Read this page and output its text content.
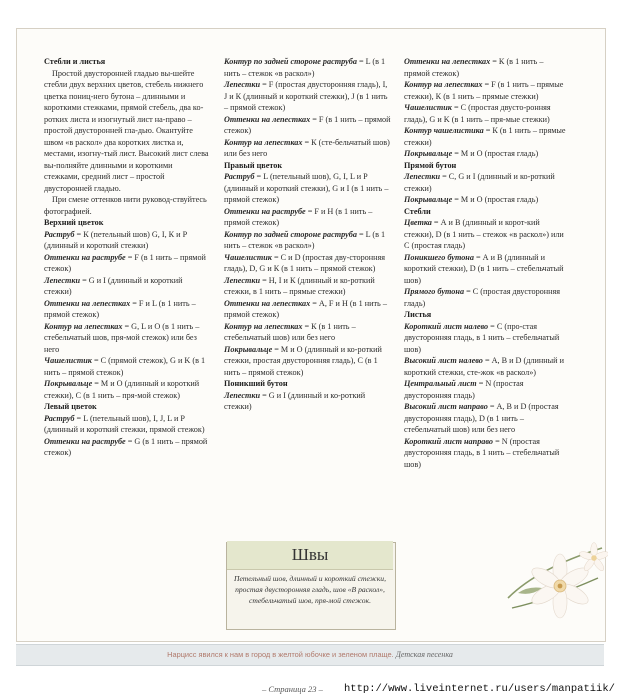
Стебли и листья

Простой двусторонней гладью вы-шейте стебли двух верхних цветов, стебель нижнего цветка пониц-него бутона – длинными и короткими стежками, прямой стебель, два ко-ротких листа и изогнутый лист на-право – простой двусторонней гла-дью. Окантуйте швом «в раскол» два коротких листка и, местами, изогну-тый лист. Высокий лист слева вы-полняйте длинными и короткими стежками, средний лист – простой двусторонней гладью.

При смене оттенков нити руковод-ствуйтесь фотографией.

Верхний цветок

Раструб = К (петельный шов) G, I, К и Р (длинный и короткий стежки)

Оттенки на раструбе = F (в 1 нить – прямой стежок)

Лепестки = G и I (длинный и короткий стежки)

Оттенки на лепестках = F и L (в 1 нить – прямой стежок)

Контур на лепестках = G, L и O (в 1 нить – стебельчатый шов, пря-мой стежок) или без него

Чашелистик = С (прямой стежок), G и K (в 1 нить – прямой стежок)

Покрывальце = М и О (длинный и короткий стежки), С (в 1 нить – пря-мой стежок)

Левый цветок

Раструб = L (петельный шов), I, J, L и Р (длинный и короткий стежки, прямой стежок)

Оттенки на раструбе = G (в 1 нить – прямой стежок)

Контур по задней стороне раструба = L (в 1 нить – стежок «в раскол»)

Лепестки = F (простая двусторонняя гладь), I, J и К (длинный и короткий стежки), J (в 1 нить – прямой стежок)

Оттенки на лепестках = F (в 1 нить – прямой стежок)

Контур на лепестках = К (сте-бельчатый шов) или без него

Правый цветок

Раструб = L (петельный шов), G, I, L и Р (длинный и короткий стежки), G и I (в 1 нить – прямой стежок)

Оттенки на раструбе = F и Н (в 1 нить – прямой стежок)

Контур по задней стороне раструба = L (в 1 нить – стежок «в раскол»)

Чашелистик = С и D (простая дву-сторонняя гладь), D, G и К (в 1 нить – прямой стежок)

Лепестки = Н, I и К (длинный и ко-роткий стежки, в 1 нить – прямые стежки)

Оттенки на лепестках = А, F и Н (в 1 нить – прямой стежок)

Контур на лепестках = К (в 1 нить – стебельчатый шов) или без него

Покрывальце = М и О (длинный и ко-роткий стежки, простая двусторонняя гладь), С (в 1 нить – прямой стежок)

Поникший бутон

Лепестки = G и I (длинный и ко-роткий стежки)

Оттенки на лепестках = К (в 1 нить – прямой стежок)

Контур на лепестках = F (в 1 нить – прямые стежки), К (в 1 нить – прямые стежки)

Чашелистик = С (простая двусто-ронняя гладь), G и K (в 1 нить – пря-мые стежки)

Контур чашелистика = К (в 1 нить – прямые стежки)

Покрывальце = М и О (простая гладь)

Прямой бутон

Лепестки = С, G и I (длинный и ко-роткий стежки)

Покрывальце = М и О (простая гладь)

Стебли

Цветка = А и В (длинный и корот-кий стежки), D (в 1 нить – стежок «в раскол») или С (простая гладь)

Поникшего бутона = А и В (длинный и короткий стежки), D (в 1 нить – стебельчатый шов)

Прямого бутона = С (простая двусторонняя гладь)

Листья

Короткий лист налево = С (про-стая двусторонняя гладь, в 1 нить – стебельчатый шов)

Высокий лист налево = А, В и D (длинный и короткий стежки, сте-жок «в раскол»)

Центральный лист = N (простая двусторонняя гладь)

Высокий лист направо = А, В и D (простая двусторонняя гладь), D (в 1 нить – стебельчатый шов) или без него

Короткий лист направо = N (простая двусторонняя гладь, в 1 нить – стебельчатый шов)

Швы
Петельный шов, длинный и короткий стежки, простая двусторонняя гладь, шов «В раскол», стебельчатый шов, пря-мой стежок.
Нарцисс явился к нам в город в желтой юбочке и зеленом плаще. Детская песенка
– Страница 23 – http://www.liveinternet.ru/users/manpatiik/
